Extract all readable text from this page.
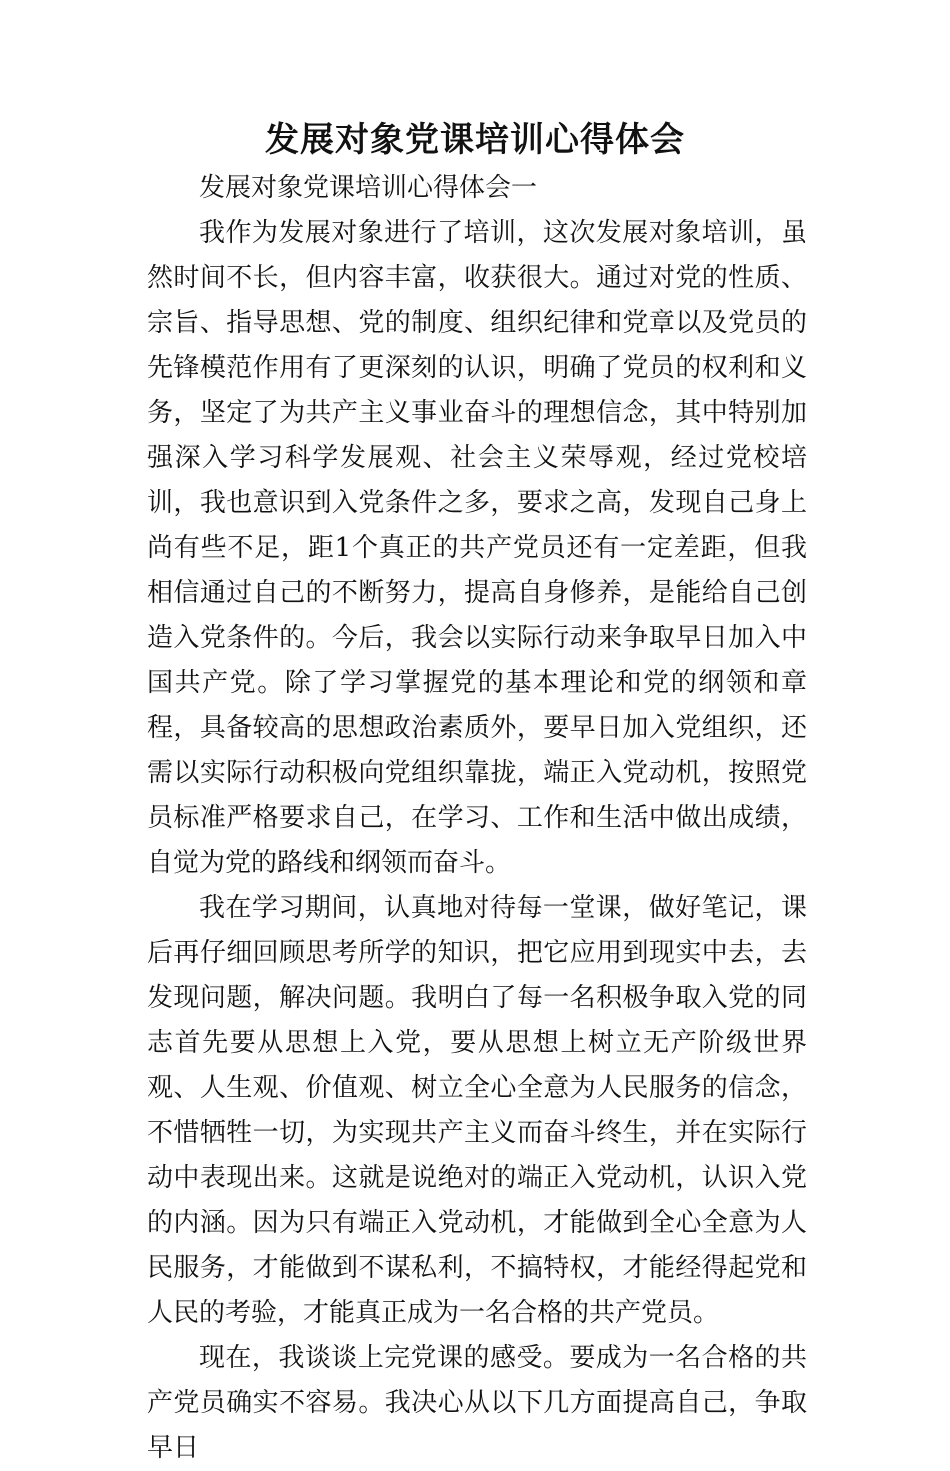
发展对象党课培训心得体会

发展对象党课培训心得体会一

我作为发展对象进行了培训，这次发展对象培训，虽然时间不长，但内容丰富，收获很大。通过对党的性质、宗旨、指导思想、党的制度、组织纪律和党章以及党员的先锋模范作用有了更深刻的认识，明确了党员的权利和义务，坚定了为共产主义事业奋斗的理想信念，其中特别加强深入学习科学发展观、社会主义荣辱观，经过党校培训，我也意识到入党条件之多，要求之高，发现自己身上尚有些不足，距1个真正的共产党员还有一定差距，但我相信通过自己的不断努力，提高自身修养，是能给自己创造入党条件的。今后，我会以实际行动来争取早日加入中国共产党。除了学习掌握党的基本理论和党的纲领和章程，具备较高的思想政治素质外，要早日加入党组织，还需以实际行动积极向党组织靠拢，端正入党动机，按照党员标准严格要求自己，在学习、工作和生活中做出成绩，自觉为党的路线和纲领而奋斗。

我在学习期间，认真地对待每一堂课，做好笔记，课后再仔细回顾思考所学的知识，把它应用到现实中去，去发现问题，解决问题。我明白了每一名积极争取入党的同志首先要从思想上入党，要从思想上树立无产阶级世界观、人生观、价值观、树立全心全意为人民服务的信念，不惜牺牲一切，为实现共产主义而奋斗终生，并在实际行动中表现出来。这就是说绝对的端正入党动机，认识入党的内涵。因为只有端正入党动机，才能做到全心全意为人民服务，才能做到不谋私利，不搞特权，才能经得起党和人民的考验，才能真正成为一名合格的共产党员。

现在，我谈谈上完党课的感受。要成为一名合格的共产党员确实不容易。我决心从以下几方面提高自己，争取早日
